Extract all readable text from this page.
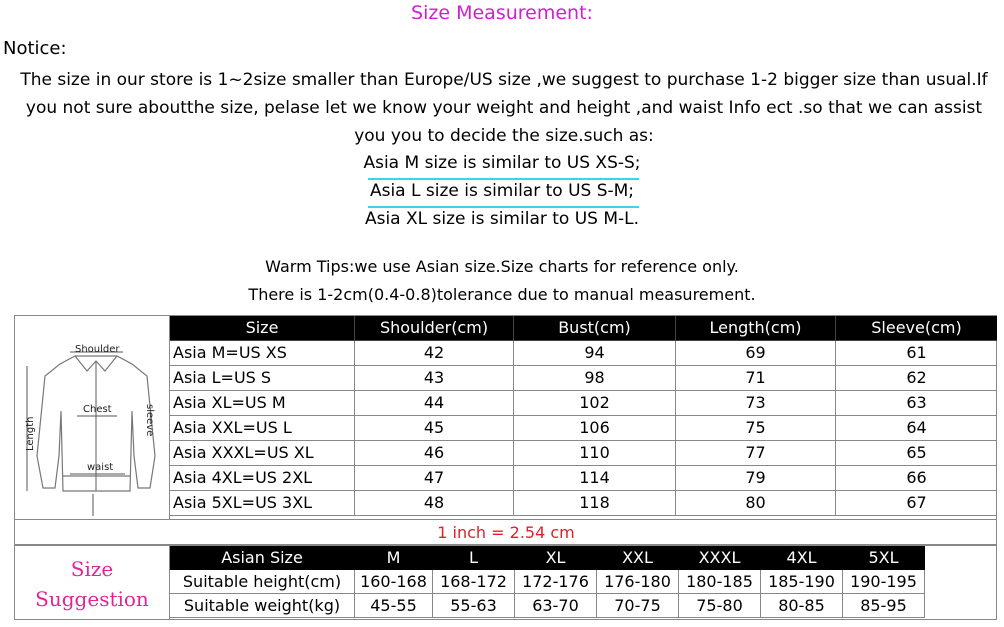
Size Measurement:
Notice:
The size in our store is 1~2size smaller than Europe/US size ,we suggest to purchase 1-2 bigger size than usual.If you not sure aboutthe size, pelase let we know your weight and height ,and waist Info ect .so that we can assist you you to decide the size.such as:
Asia M size is similar to US XS-S;
Asia L size is similar to US S-M;
Asia XL size is similar to US M-L.
Warm Tips:we use Asian size.Size charts for reference only.
There is 1-2cm(0.4-0.8)tolerance due to manual measurement.
Shoulder
Chest	sleeve
Length
waist
Size	Shoulder(cm)	Bust(cm)	Length(cm)	Sleeve(cm)
Asia M=US XS	42	94	69	61
Asia L=US S	43	98	71	62
Asia XL=US M	44	102	73	63
Asia XXL=US L	45	106	75	64
Asia XXXL=US XL	46	110	77	65
Asia 4XL=US 2XL	47	114	79	66
Asia 5XL=US 3XL	48	118	80	67
1 inch = 2.54 cm
Size
Suggestion
Asian Size	M	L	XL	XXL	XXXL	4XL	5XL
Suitable height(cm)	160-168 168-172 172-176 176-180 180-185 185-190 190-195
Suitable weight(kg)	45-55	55-63	63-70	70-75	75-80	80-85	85-95
